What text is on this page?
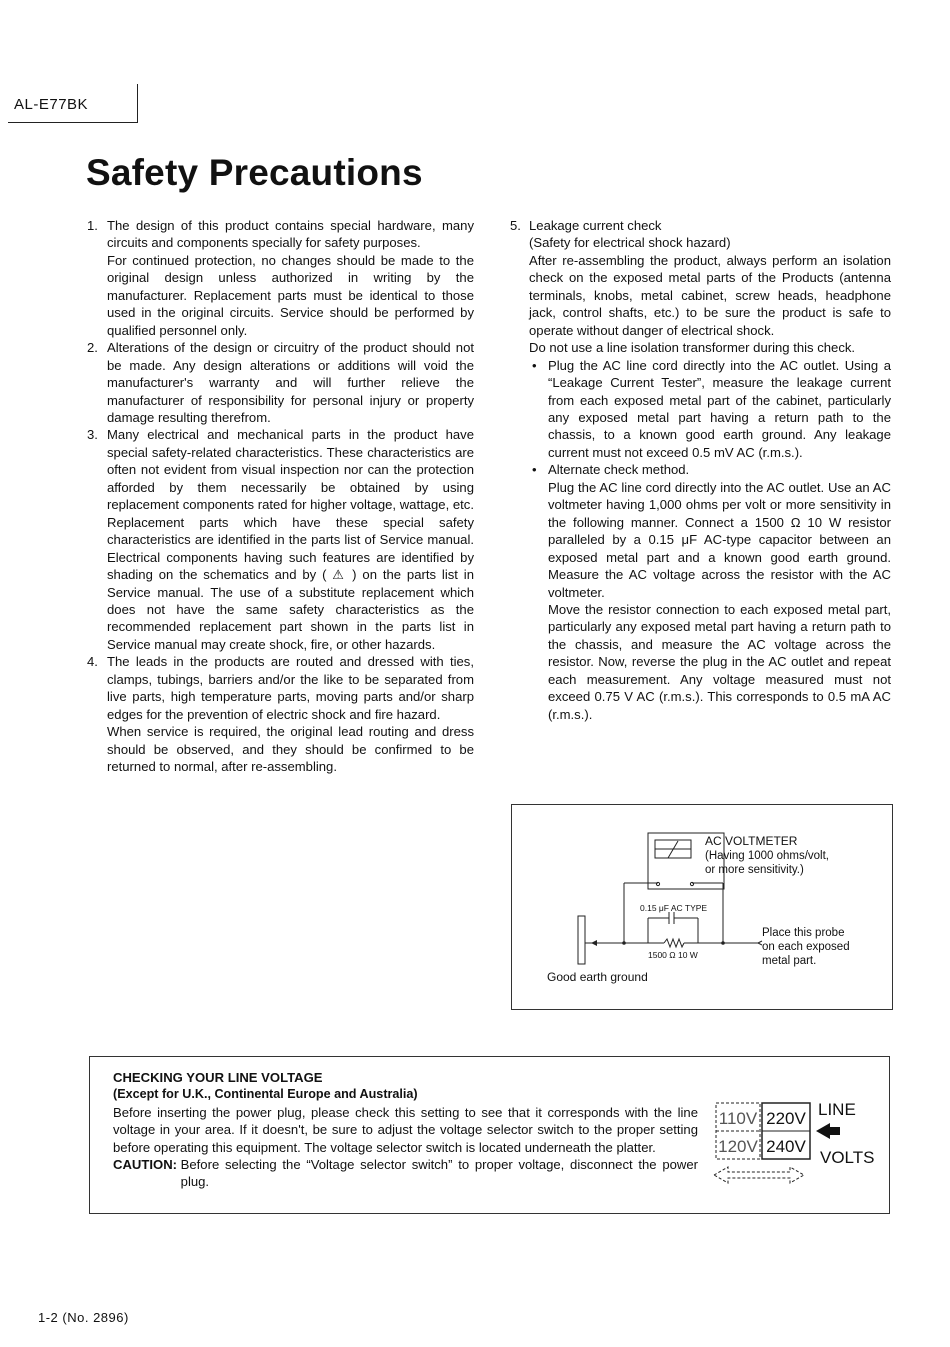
AL-E77BK
Safety Precautions
1. The design of this product contains special hardware, many circuits and components specially for safety purposes.

For continued protection, no changes should be made to the original design unless authorized in writing by the manufacturer. Replacement parts must be identical to those used in the original circuits. Service should be performed by qualified personnel only.

2. Alterations of the design or circuitry of the product should not be made. Any design alterations or additions will void the manufacturer's warranty and will further relieve the manufacturer of responsibility for personal injury or property damage resulting therefrom.

3. Many electrical and mechanical parts in the product have special safety-related characteristics. These characteristics are often not evident from visual inspection nor can the protection afforded by them necessarily be obtained by using replacement components rated for higher voltage, wattage, etc. Replacement parts which have these special safety characteristics are identified in the parts list of Service manual. Electrical components having such features are identified by shading on the schematics and by ( ⚠ ) on the parts list in Service manual. The use of a substitute replacement which does not have the same safety characteristics as the recommended replacement part shown in the parts list in Service manual may create shock, fire, or other hazards.

4. The leads in the products are routed and dressed with ties, clamps, tubings, barriers and/or the like to be separated from live parts, high temperature parts, moving parts and/or sharp edges for the prevention of electric shock and fire hazard.

When service is required, the original lead routing and dress should be observed, and they should be confirmed to be returned to normal, after re-assembling.

5. Leakage current check

(Safety for electrical shock hazard)

After re-assembling the product, always perform an isolation check on the exposed metal parts of the Products (antenna terminals, knobs, metal cabinet, screw heads, headphone jack, control shafts, etc.) to be sure the product is safe to operate without danger of electrical shock.

Do not use a line isolation transformer during this check.

• Plug the AC line cord directly into the AC outlet. Using a “Leakage Current Tester”, measure the leakage current from each exposed metal part of the cabinet, particularly any exposed metal part having a return path to the chassis, to a known good earth ground. Any leakage current must not exceed 0.5 mV AC (r.m.s.).

• Alternate check method.

Plug the AC line cord directly into the AC outlet. Use an AC voltmeter having 1,000 ohms per volt or more sensitivity in the following manner. Connect a 1500 Ω 10 W resistor paralleled by a 0.15 μF AC-type capacitor between an exposed metal part and a known good earth ground. Measure the AC voltage across the resistor with the AC voltmeter.

Move the resistor connection to each exposed metal part, particularly any exposed metal part having a return path to the chassis, and measure the AC voltage across the resistor. Now, reverse the plug in the AC outlet and repeat each measurement. Any voltage measured must not exceed 0.75 V AC (r.m.s.). This corresponds to 0.5 mA AC (r.m.s.).

AC VOLTMETER
(Having 1000 ohms/volt,
or more sensitivity.)
0.15 μF AC TYPE
1500 Ω 10 W
Place this probe
on each exposed
metal part.
Good earth ground

CHECKING YOUR LINE VOLTAGE

(Except for U.K., Continental Europe and Australia)

Before inserting the power plug, please check this setting to see that it corresponds with the line voltage in your area. If it doesn't, be sure to adjust the voltage selector switch to the proper setting before operating this equipment. The voltage selector switch is located underneath the platter.

CAUTION: Before selecting the “Voltage selector switch” to proper voltage, disconnect the power plug.
110V 220V
120V 240V
LINE
VOLTS
1-2 (No. 2896)
